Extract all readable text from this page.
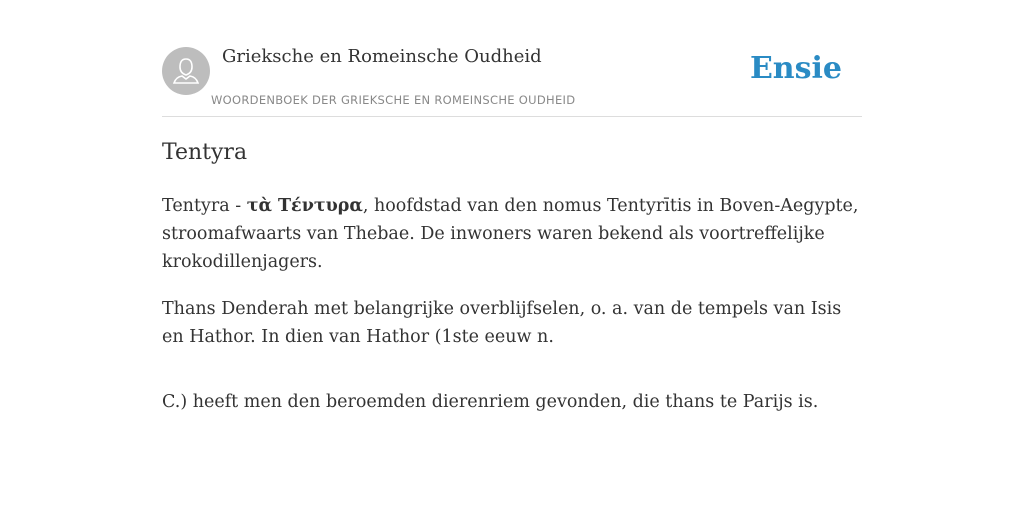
Grieksche en Romeinsche Oudheid
WOORDENBOEK DER GRIEKSCHE EN ROMEINSCHE OUDHEID
Ensie
Tentyra

Tentyra - τὰ Τέντυρα, hoofdstad van den nomus Tentyrītis in Boven-Aegypte, stroomafwaarts van Thebae. De inwoners waren bekend als voortreffelijke krokodillenjagers.

Thans Denderah met belangrijke overblijfselen, o. a. van de tempels van Isis en Hathor. In dien van Hathor (1ste eeuw n.

C.) heeft men den beroemden dierenriem gevonden, die thans te Parijs is.
